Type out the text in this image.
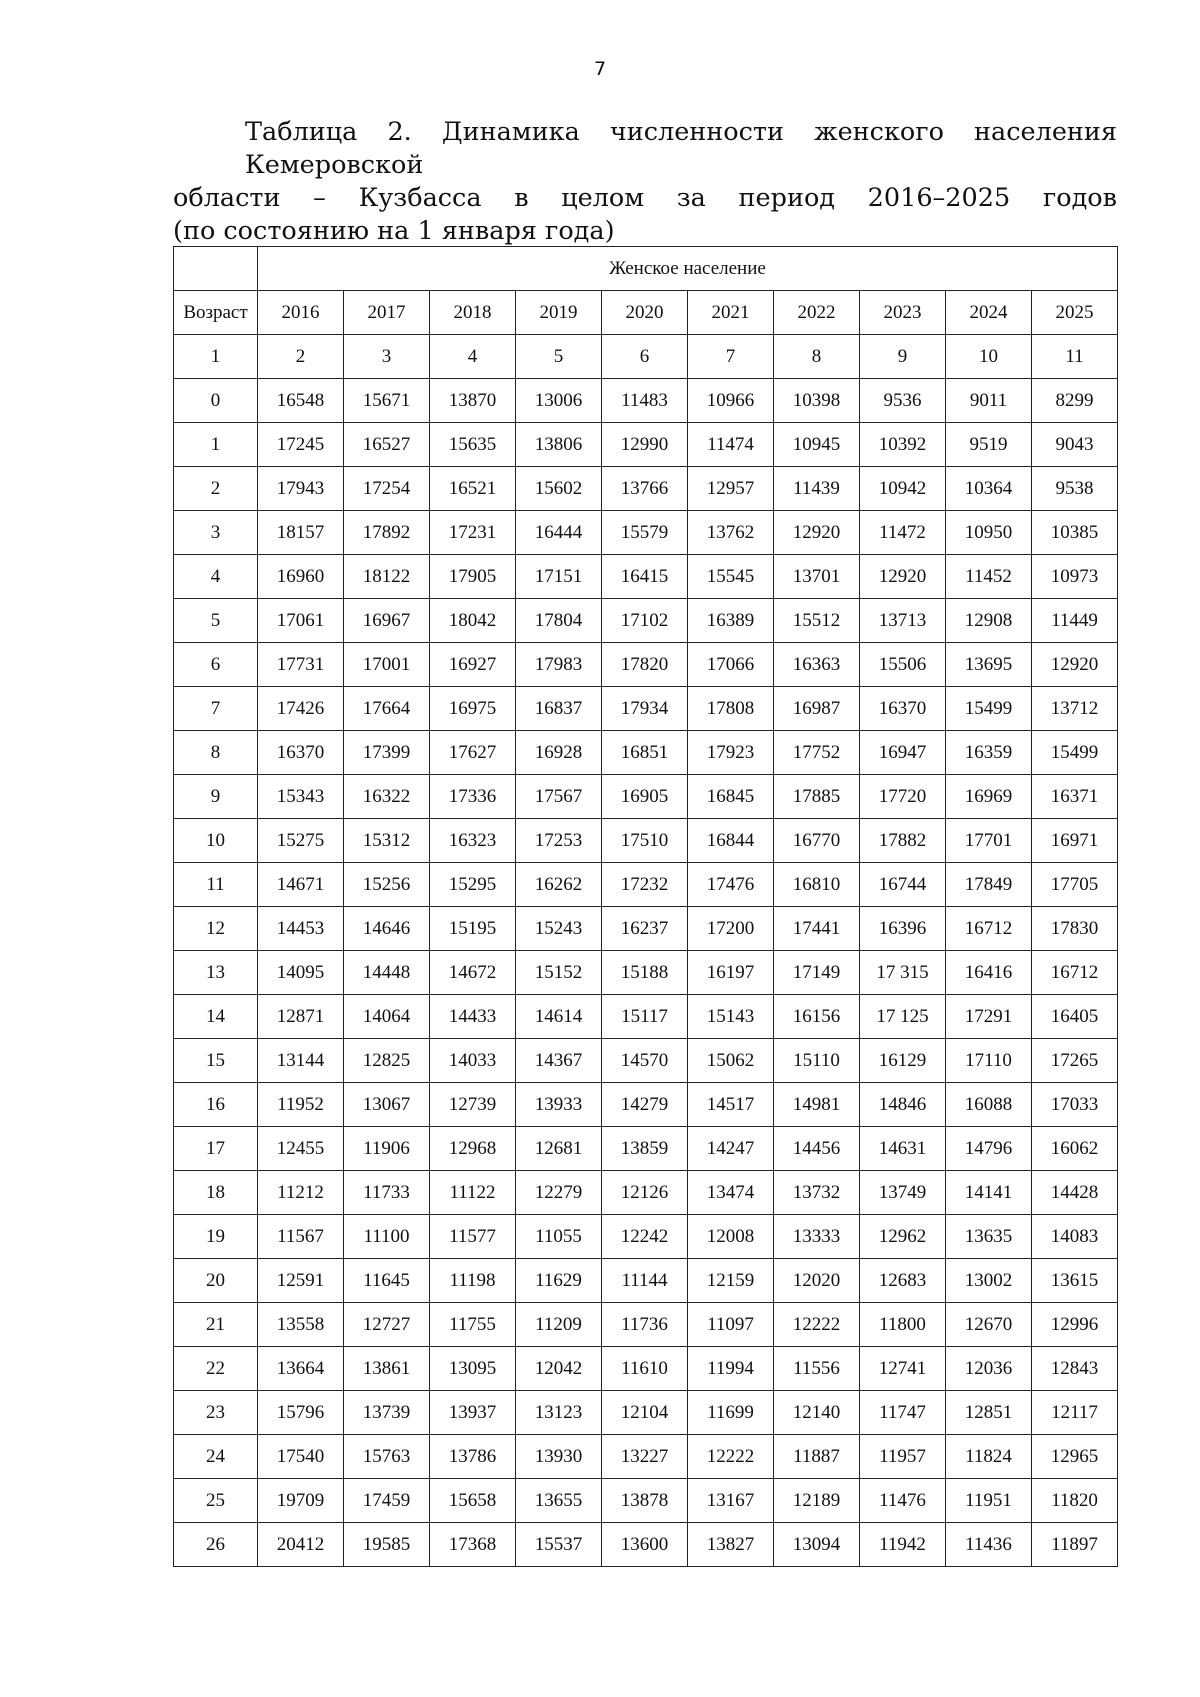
7
Таблица 2. Динамика численности женского населения Кемеровской
области – Кузбасса в целом за период 2016–2025 годов
(по состоянию на 1 января года)
	Женское население									
Возраст	2016	2017	2018	2019	2020	2021	2022	2023	2024	2025
1	2	3	4	5	6	7	8	9	10	11
0	16548	15671	13870	13006	11483	10966	10398	9536	9011	8299
1	17245	16527	15635	13806	12990	11474	10945	10392	9519	9043
2	17943	17254	16521	15602	13766	12957	11439	10942	10364	9538
3	18157	17892	17231	16444	15579	13762	12920	11472	10950	10385
4	16960	18122	17905	17151	16415	15545	13701	12920	11452	10973
5	17061	16967	18042	17804	17102	16389	15512	13713	12908	11449
6	17731	17001	16927	17983	17820	17066	16363	15506	13695	12920
7	17426	17664	16975	16837	17934	17808	16987	16370	15499	13712
8	16370	17399	17627	16928	16851	17923	17752	16947	16359	15499
9	15343	16322	17336	17567	16905	16845	17885	17720	16969	16371
10	15275	15312	16323	17253	17510	16844	16770	17882	17701	16971
11	14671	15256	15295	16262	17232	17476	16810	16744	17849	17705
12	14453	14646	15195	15243	16237	17200	17441	16396	16712	17830
13	14095	14448	14672	15152	15188	16197	17149	17 315	16416	16712
14	12871	14064	14433	14614	15117	15143	16156	17 125	17291	16405
15	13144	12825	14033	14367	14570	15062	15110	16129	17110	17265
16	11952	13067	12739	13933	14279	14517	14981	14846	16088	17033
17	12455	11906	12968	12681	13859	14247	14456	14631	14796	16062
18	11212	11733	11122	12279	12126	13474	13732	13749	14141	14428
19	11567	11100	11577	11055	12242	12008	13333	12962	13635	14083
20	12591	11645	11198	11629	11144	12159	12020	12683	13002	13615
21	13558	12727	11755	11209	11736	11097	12222	11800	12670	12996
22	13664	13861	13095	12042	11610	11994	11556	12741	12036	12843
23	15796	13739	13937	13123	12104	11699	12140	11747	12851	12117
24	17540	15763	13786	13930	13227	12222	11887	11957	11824	12965
25	19709	17459	15658	13655	13878	13167	12189	11476	11951	11820
26	20412	19585	17368	15537	13600	13827	13094	11942	11436	11897
